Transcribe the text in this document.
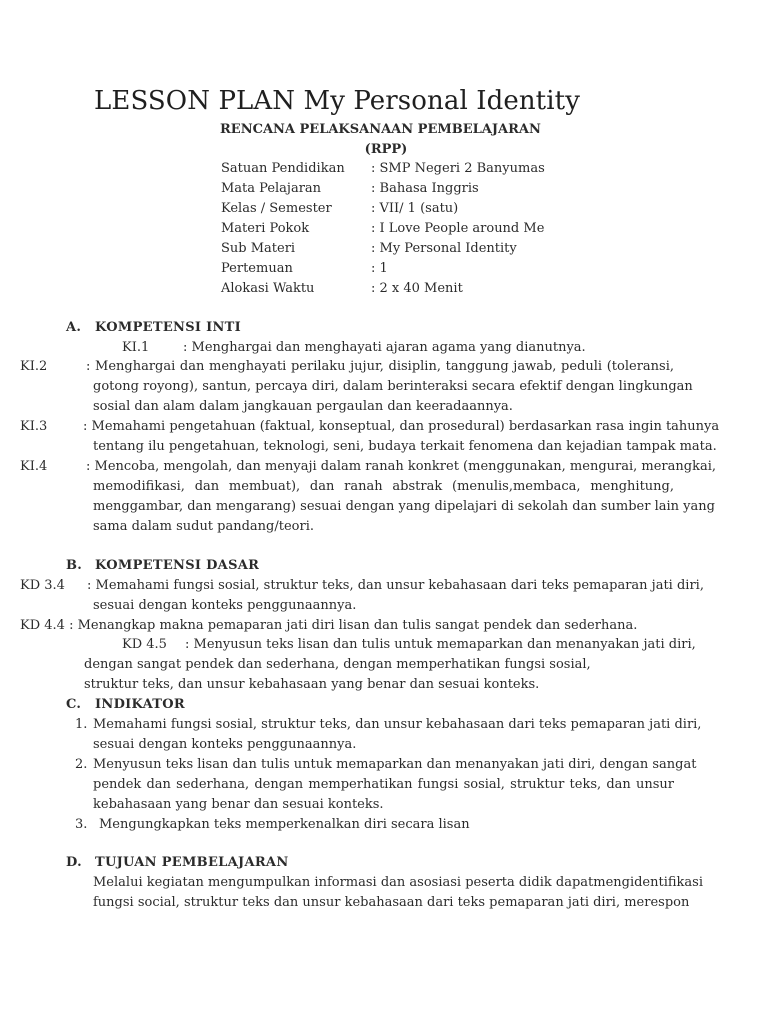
LESSON PLAN My Personal Identity
RENCANA PELAKSANAAN PEMBELAJARAN
(RPP)
Satuan Pendidikan : SMP Negeri 2 Banyumas
Mata Pelajaran	: Bahasa Inggris
Kelas / Semester	: VII/ 1 (satu)
Materi Pokok	: I Love People around Me
Sub Materi	: My Personal Identity
Pertemuan	: 1
Alokasi Waktu	: 2 x 40 Menit
A. KOMPETENSI INTI
KI.1	: Menghargai dan menghayati ajaran agama yang dianutnya.
KI.2	: Menghargai dan menghayati perilaku jujur, disiplin, tanggung jawab, peduli (toleransi,
gotong royong), santun, percaya diri, dalam berinteraksi secara efektif dengan lingkungan
sosial dan alam dalam jangkauan pergaulan dan keeradaannya.
KI.3	: Memahami pengetahuan (faktual, konseptual, dan prosedural) berdasarkan rasa ingin tahunya
tentang ilu pengetahuan, teknologi, seni, budaya terkait fenomena dan kejadian tampak mata.
KI.4	: Mencoba, mengolah, dan menyaji dalam ranah konkret (menggunakan, mengurai, merangkai,
memodifikasi, dan membuat), dan ranah abstrak (menulis,membaca, menghitung,
menggambar, dan mengarang) sesuai dengan yang dipelajari di sekolah dan sumber lain yang
sama dalam sudut pandang/teori.
B. KOMPETENSI DASAR
KD 3.4 : Memahami fungsi sosial, struktur teks, dan unsur kebahasaan dari teks pemaparan jati diri,
sesuai dengan konteks penggunaannya.
KD 4.4 : Menangkap makna pemaparan jati diri lisan dan tulis sangat pendek dan sederhana.
KD 4.5 : Menyusun teks lisan dan tulis untuk memaparkan dan menanyakan jati diri,
dengan sangat pendek dan sederhana, dengan memperhatikan fungsi sosial,
struktur teks, dan unsur kebahasaan yang benar dan sesuai konteks.
C. INDIKATOR
1. Memahami fungsi sosial, struktur teks, dan unsur kebahasaan dari teks pemaparan jati diri,
sesuai dengan konteks penggunaannya.
2. Menyusun teks lisan dan tulis untuk memaparkan dan menanyakan jati diri, dengan sangat
pendek dan sederhana, dengan memperhatikan fungsi sosial, struktur teks, dan unsur
kebahasaan yang benar dan sesuai konteks.
3. Mengungkapkan teks memperkenalkan diri secara lisan
D. TUJUAN PEMBELAJARAN
Melalui kegiatan mengumpulkan informasi dan asosiasi peserta didik dapatmengidentifikasi
fungsi social, struktur teks dan unsur kebahasaan dari teks pemaparan jati diri, merespon
